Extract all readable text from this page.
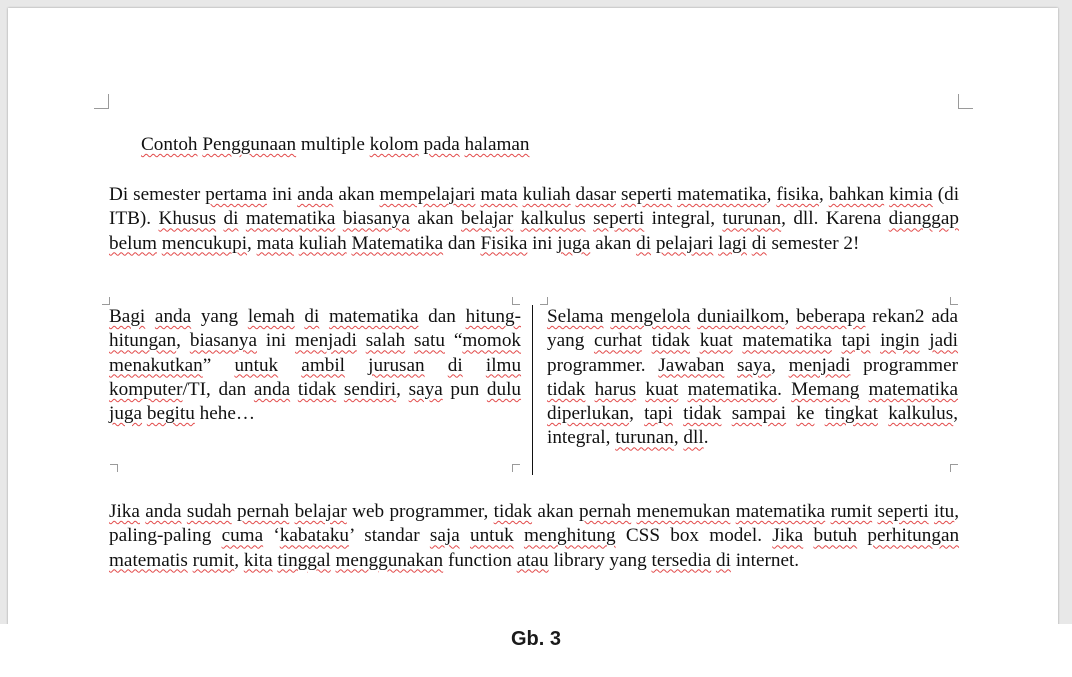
Contoh Penggunaan multiple kolom pada halaman

Di semester pertama ini anda akan mempelajari mata kuliah dasar seperti matematika, fisika, bahkan kimia (di ITB). Khusus di matematika biasanya akan belajar kalkulus seperti integral, turunan, dll. Karena dianggap belum mencukupi, mata kuliah Matematika dan Fisika ini juga akan di pelajari lagi di semester 2!

Bagi anda yang lemah di matematika dan hitung-hitungan, biasanya ini menjadi salah satu “momok menakutkan” untuk ambil jurusan di ilmu komputer/TI, dan anda tidak sendiri, saya pun dulu juga begitu hehe…

Selama mengelola duniailkom, beberapa rekan2 ada yang curhat tidak kuat matematika tapi ingin jadi programmer. Jawaban saya, menjadi programmer tidak harus kuat matematika. Memang matematika diperlukan, tapi tidak sampai ke tingkat kalkulus, integral, turunan, dll.

Jika anda sudah pernah belajar web programmer, tidak akan pernah menemukan matematika rumit seperti itu, paling-paling cuma ‘kabataku’ standar saja untuk menghitung CSS box model. Jika butuh perhitungan matematis rumit, kita tinggal menggunakan function atau library yang tersedia di internet.

Gb. 3
